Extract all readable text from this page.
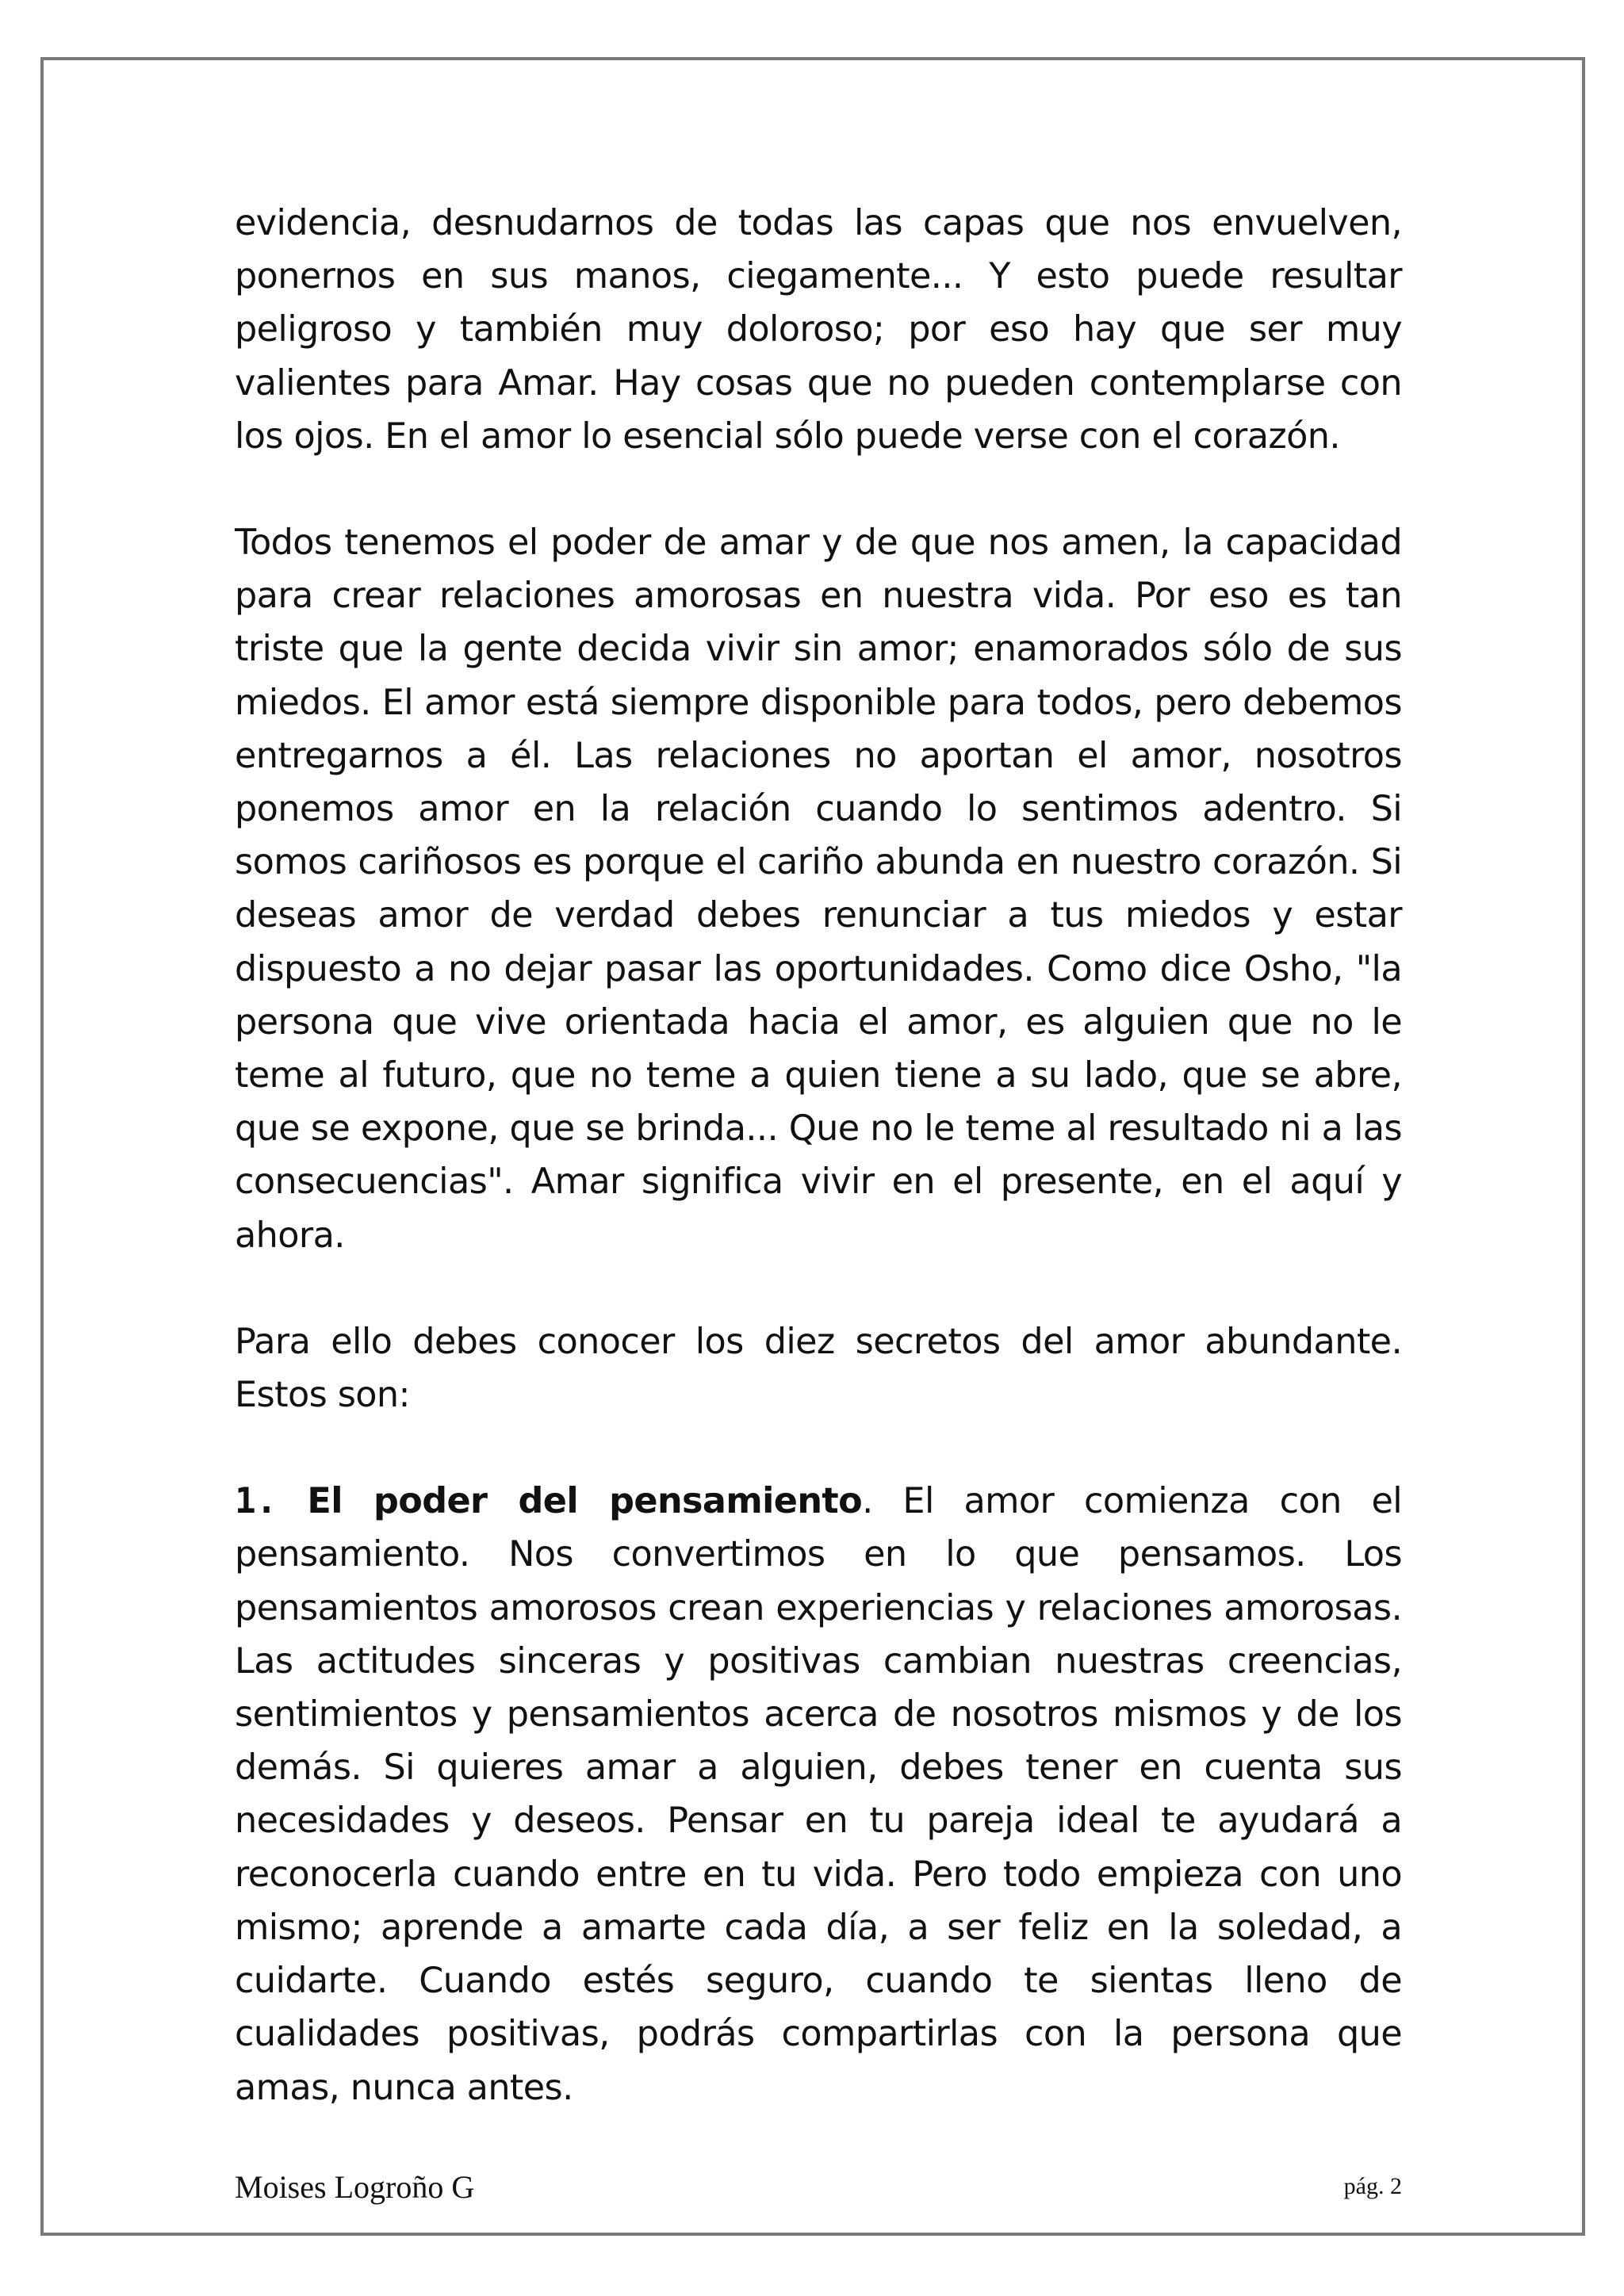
evidencia, desnudarnos de todas las capas que nos envuelven, ponernos en sus manos, ciegamente... Y esto puede resultar peligroso y también muy doloroso; por eso hay que ser muy valientes para Amar. Hay cosas que no pueden contemplarse con los ojos. En el amor lo esencial sólo puede verse con el corazón.

Todos tenemos el poder de amar y de que nos amen, la capacidad para crear relaciones amorosas en nuestra vida. Por eso es tan triste que la gente decida vivir sin amor; enamorados sólo de sus miedos. El amor está siempre disponible para todos, pero debemos entregarnos a él. Las relaciones no aportan el amor, nosotros ponemos amor en la relación cuando lo sentimos adentro. Si somos cariñosos es porque el cariño abunda en nuestro corazón. Si deseas amor de verdad debes renunciar a tus miedos y estar dispuesto a no dejar pasar las oportunidades. Como dice Osho, "la persona que vive orientada hacia el amor, es alguien que no le teme al futuro, que no teme a quien tiene a su lado, que se abre, que se expone, que se brinda... Que no le teme al resultado ni a las consecuencias". Amar significa vivir en el presente, en el aquí y ahora.

Para ello debes conocer los diez secretos del amor abundante. Estos son:

1. El poder del pensamiento. El amor comienza con el pensamiento. Nos convertimos en lo que pensamos. Los pensamientos amorosos crean experiencias y relaciones amorosas. Las actitudes sinceras y positivas cambian nuestras creencias, sentimientos y pensamientos acerca de nosotros mismos y de los demás. Si quieres amar a alguien, debes tener en cuenta sus necesidades y deseos. Pensar en tu pareja ideal te ayudará a reconocerla cuando entre en tu vida. Pero todo empieza con uno mismo; aprende a amarte cada día, a ser feliz en la soledad, a cuidarte. Cuando estés seguro, cuando te sientas lleno de cualidades positivas, podrás compartirlas con la persona que amas, nunca antes.

Moises Logroño G	pág. 2
